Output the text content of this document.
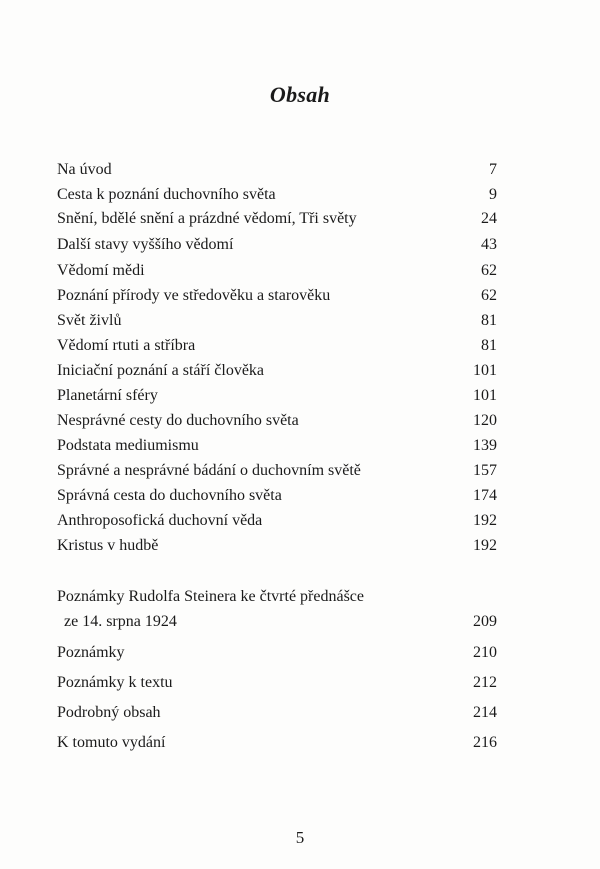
Obsah
Na úvod	7
Cesta k poznání duchovního světa	9
Snění, bdělé snění a prázdné vědomí, Tři světy	24
Další stavy vyššího vědomí	43
Vědomí mědi	62
Poznání přírody ve středověku a starověku	62
Svět živlů	81
Vědomí rtuti a stříbra	81
Iniciační poznání a stáří člověka	101
Planetární sféry	101
Nesprávné cesty do duchovního světa	120
Podstata mediumismu	139
Správné a nesprávné bádání o duchovním světě	157
Správná cesta do duchovního světa	174
Anthroposofická duchovní věda	192
Kristus v hudbě	192
Poznámky Rudolfa Steinera ke čtvrté přednášce
ze 14. srpna 1924	209
Poznámky	210
Poznámky k textu	212
Podrobný obsah	214
K tomuto vydání	216
5
